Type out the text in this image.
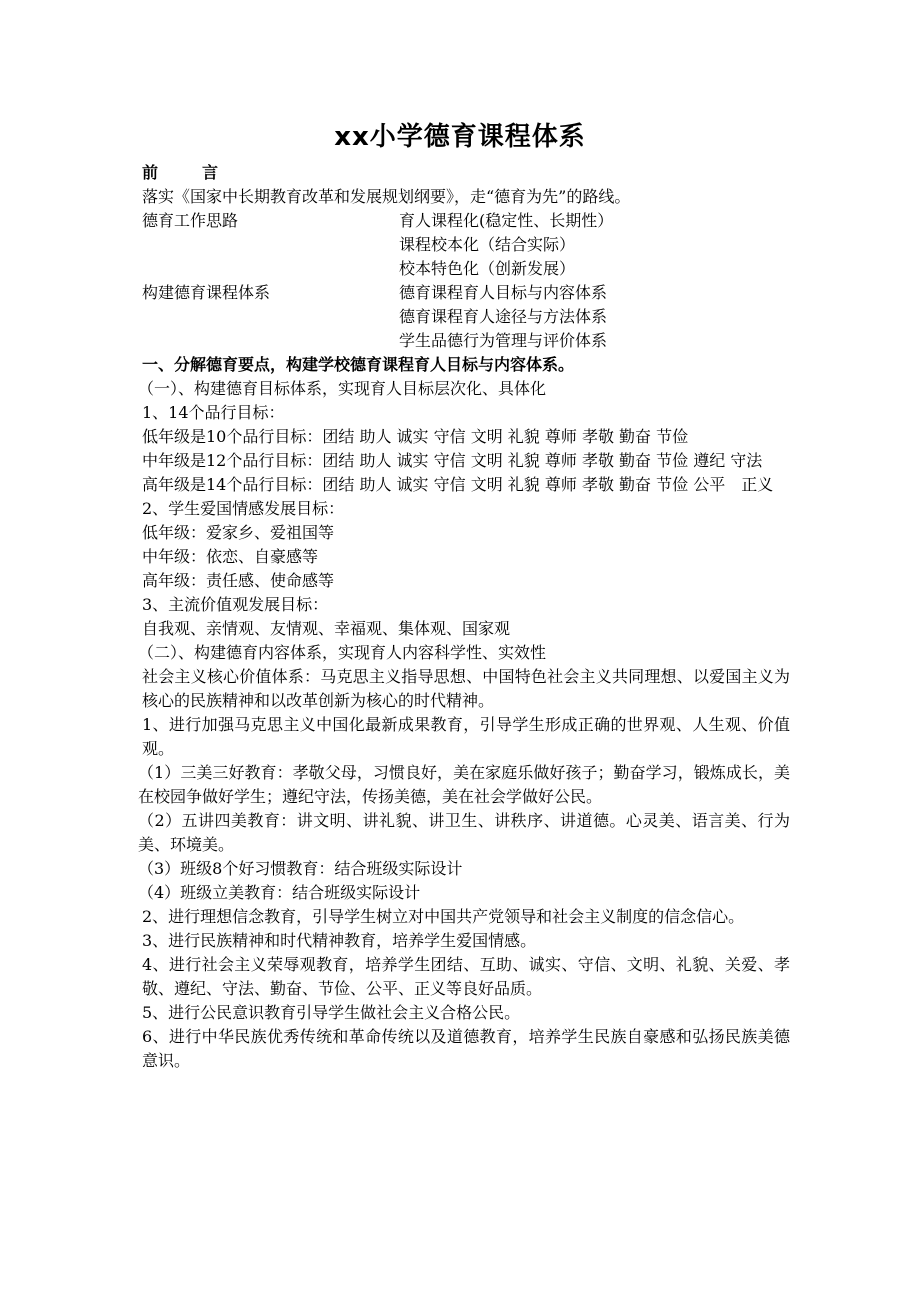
xx小学德育课程体系

前	言

落实《国家中长期教育改革和发展规划纲要》，走“德育为先”的路线。

德育工作思路	育人课程化(稳定性、长期性）
课程校本化（结合实际）
校本特色化（创新发展）
构建德育课程体系	德育课程育人目标与内容体系
德育课程育人途径与方法体系
学生品德行为管理与评价体系

一、分解德育要点，构建学校德育课程育人目标与内容体系。

（一）、构建德育目标体系，实现育人目标层次化、具体化

1、14个品行目标：

低年级是10个品行目标：团结 助人 诚实 守信 文明 礼貌 尊师 孝敬 勤奋 节俭

中年级是12个品行目标：团结 助人 诚实 守信 文明 礼貌 尊师 孝敬 勤奋 节俭 遵纪 守法

高年级是14个品行目标：团结 助人 诚实 守信 文明 礼貌 尊师 孝敬 勤奋 节俭 公平　正义

2、学生爱国情感发展目标：

低年级：爱家乡、爱祖国等

中年级：依恋、自豪感等

高年级：责任感、使命感等

3、主流价值观发展目标：

自我观、亲情观、友情观、幸福观、集体观、国家观

（二）、构建德育内容体系，实现育人内容科学性、实效性

社会主义核心价值体系：马克思主义指导思想、中国特色社会主义共同理想、以爱国主义为核心的民族精神和以改革创新为核心的时代精神。

1、进行加强马克思主义中国化最新成果教育，引导学生形成正确的世界观、人生观、价值观。

（1）三美三好教育：孝敬父母，习惯良好，美在家庭乐做好孩子；勤奋学习，锻炼成长，美在校园争做好学生；遵纪守法，传扬美德，美在社会学做好公民。

（2）五讲四美教育：讲文明、讲礼貌、讲卫生、讲秩序、讲道德。心灵美、语言美、行为美、环境美。

（3）班级8个好习惯教育：结合班级实际设计

（4）班级立美教育：结合班级实际设计

2、进行理想信念教育，引导学生树立对中国共产党领导和社会主义制度的信念信心。

3、进行民族精神和时代精神教育，培养学生爱国情感。

4、进行社会主义荣辱观教育，培养学生团结、互助、诚实、守信、文明、礼貌、关爱、孝敬、遵纪、守法、勤奋、节俭、公平、正义等良好品质。

5、进行公民意识教育引导学生做社会主义合格公民。

6、进行中华民族优秀传统和革命传统以及道德教育，培养学生民族自豪感和弘扬民族美德意识。
